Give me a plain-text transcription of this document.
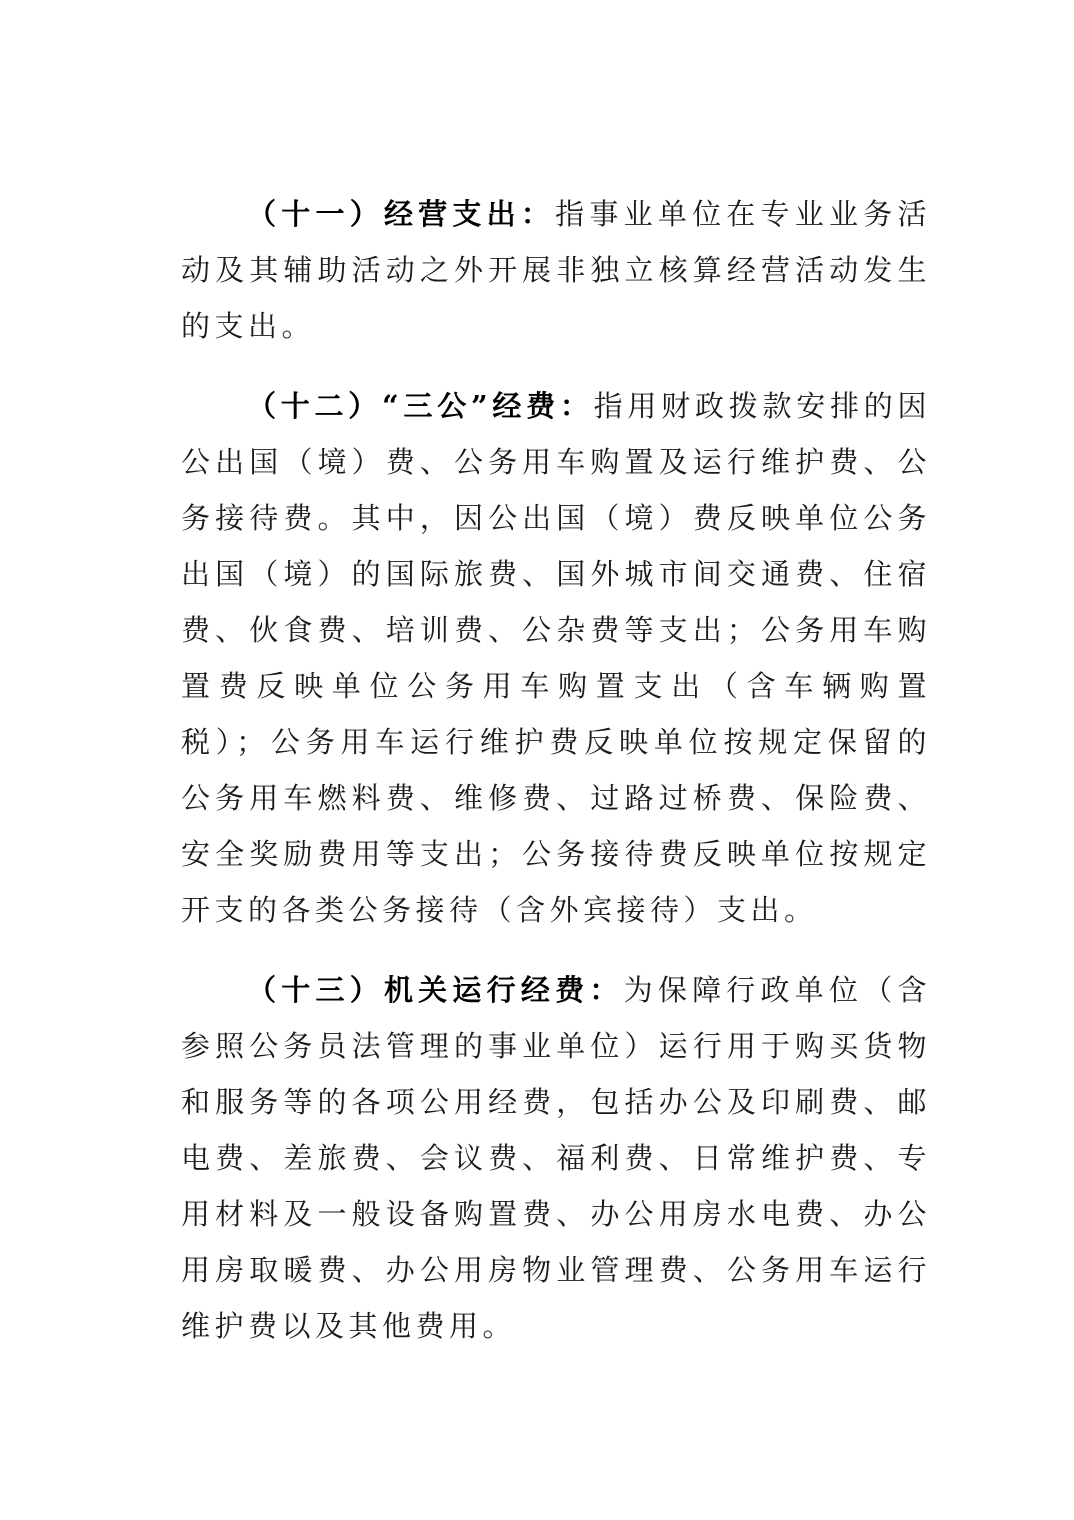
（十一）经营支出：指事业单位在专业业务活动及其辅助活动之外开展非独立核算经营活动发生的支出。

（十二）“三公”经费：指用财政拨款安排的因公出国（境）费、公务用车购置及运行维护费、公务接待费。其中，因公出国（境）费反映单位公务出国（境）的国际旅费、国外城市间交通费、住宿费、伙食费、培训费、公杂费等支出；公务用车购置费反映单位公务用车购置支出（含车辆购置税）；公务用车运行维护费反映单位按规定保留的公务用车燃料费、维修费、过路过桥费、保险费、安全奖励费用等支出；公务接待费反映单位按规定开支的各类公务接待（含外宾接待）支出。

（十三）机关运行经费：为保障行政单位（含参照公务员法管理的事业单位）运行用于购买货物和服务等的各项公用经费，包括办公及印刷费、邮电费、差旅费、会议费、福利费、日常维护费、专用材料及一般设备购置费、办公用房水电费、办公用房取暖费、办公用房物业管理费、公务用车运行维护费以及其他费用。
